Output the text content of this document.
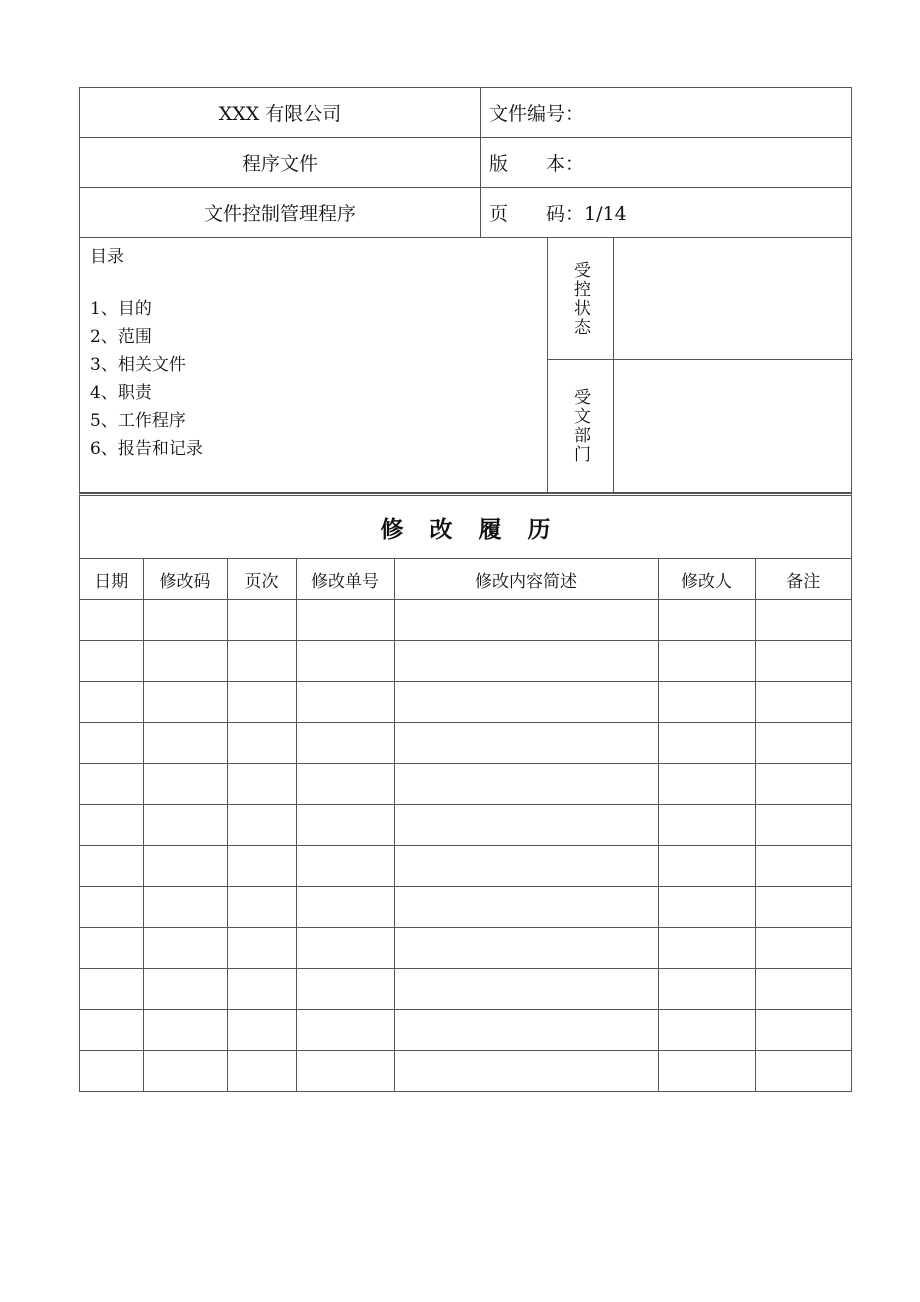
XXX 有限公司	文件编号：
程序文件	版 本：
文件控制管理程序	页 码：1/14
目录
1、目的
2、范围
3、相关文件
4、职责
5、工作程序
6、报告和记录
受控状态
受文部门
修改履历
日期	修改码	页次	修改单号	修改内容简述	修改人	备注
